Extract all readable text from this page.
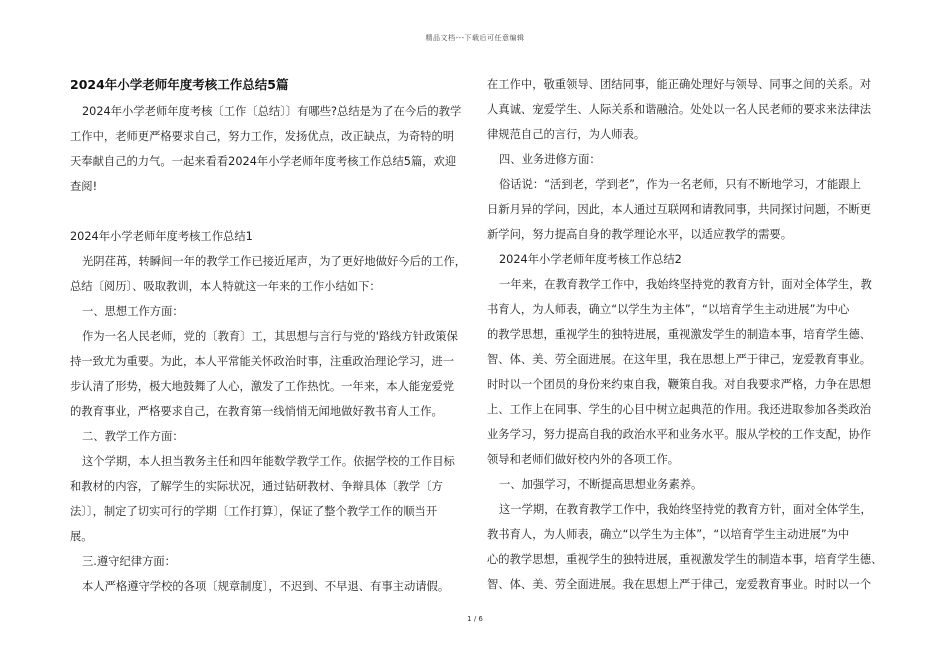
精品文档---下载后可任意编辑

2024年小学老师年度考核工作总结5篇

2024年小学老师年度考核〔工作〔总结〕〕有哪些?总结是为了在今后的教学

工作中，老师更严格要求自己，努力工作，发扬优点，改正缺点，为奇特的明

天奉献自己的力气。一起来看看2024年小学老师年度考核工作总结5篇，欢迎

查阅!

2024年小学老师年度考核工作总结1

光阴荏苒，转瞬间一年的教学工作已接近尾声，为了更好地做好今后的工作，

总结〔阅历〕、吸取教训，本人特就这一年来的工作小结如下：

一、思想工作方面：

作为一名人民老师，党的〔教育〕工，其思想与言行与党的'路线方针政策保

持一致尤为重要。为此，本人平常能关怀政治时事，注重政治理论学习，进一

步认清了形势，极大地鼓舞了人心，激发了工作热忱。一年来，本人能宠爱党

的教育事业，严格要求自己，在教育第一线悄悄无闻地做好教书育人工作。

二、教学工作方面：

这个学期，本人担当教务主任和四年能数学教学工作。依据学校的工作目标

和教材的内容，了解学生的实际状况，通过钻研教材、争辩具体〔教学〔方

法〕〕，制定了切实可行的学期〔工作打算〕，保证了整个教学工作的顺当开

展。

三.遵守纪律方面：

本人严格遵守学校的各项〔规章制度〕，不迟到、不早退、有事主动请假。

在工作中，敬重领导、团结同事，能正确处理好与领导、同事之间的关系。对

人真诚、宠爱学生、人际关系和谐融洽。处处以一名人民老师的要求来法律法

律规范自己的言行，为人师表。

四、业务进修方面：

俗话说：“活到老，学到老”，作为一名老师，只有不断地学习，才能跟上

日新月异的学问，因此，本人通过互联网和请教同事，共同探讨问题，不断更

新学问，努力提高自身的教学理论水平，以适应教学的需要。

2024年小学老师年度考核工作总结2

一年来，在教育教学工作中，我始终坚持党的教育方针，面对全体学生，教

书育人，为人师表，确立“以学生为主体”，“以培育学生主动进展”为中心

的教学思想，重视学生的独特进展，重视激发学生的制造本事，培育学生德、

智、体、美、劳全面进展。在这年里，我在思想上严于律己，宠爱教育事业。

时时以一个团员的身份来约束自我，鞭策自我。对自我要求严格，力争在思想

上、工作上在同事、学生的心目中树立起典范的作用。我还进取参加各类政治

业务学习，努力提高自我的政治水平和业务水平。服从学校的工作支配，协作

领导和老师们做好校内外的各项工作。

一、加强学习，不断提高思想业务素养。

这一学期，在教育教学工作中，我始终坚持党的教育方针，面对全体学生，

教书育人，为人师表，确立“以学生为主体”，“以培育学生主动进展”为中

心的教学思想，重视学生的独特进展，重视激发学生的制造本事，培育学生德、

智、体、美、劳全面进展。我在思想上严于律己，宠爱教育事业。时时以一个

1 / 6
